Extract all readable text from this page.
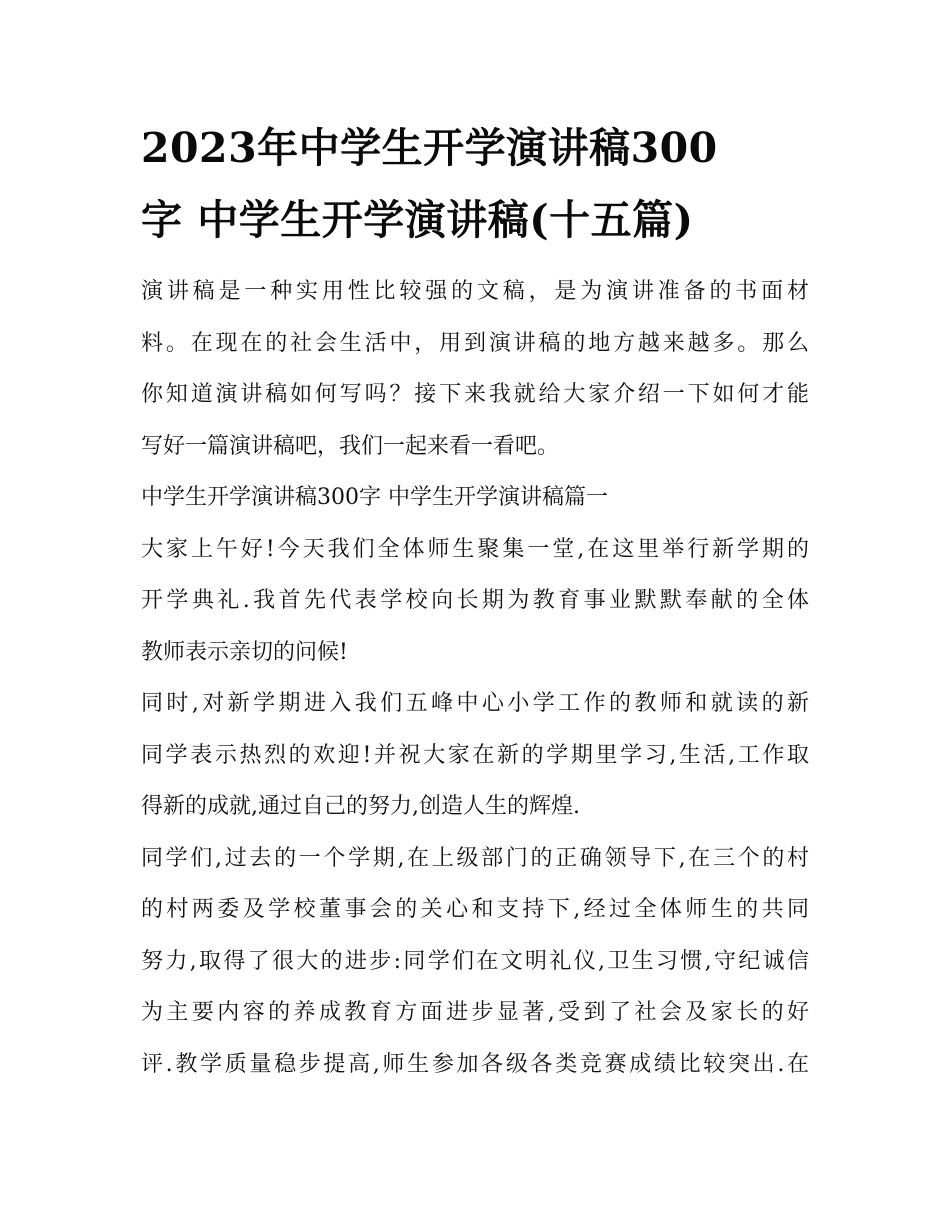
2023年中学生开学演讲稿300
字 中学生开学演讲稿(十五篇)
演讲稿是一种实用性比较强的文稿，是为演讲准备的书面材
料。在现在的社会生活中，用到演讲稿的地方越来越多。那么
你知道演讲稿如何写吗？接下来我就给大家介绍一下如何才能
写好一篇演讲稿吧，我们一起来看一看吧。
中学生开学演讲稿300字 中学生开学演讲稿篇一
大家上午好!今天我们全体师生聚集一堂,在这里举行新学期的
开学典礼.我首先代表学校向长期为教育事业默默奉献的全体
教师表示亲切的问候!
同时,对新学期进入我们五峰中心小学工作的教师和就读的新
同学表示热烈的欢迎!并祝大家在新的学期里学习,生活,工作取
得新的成就,通过自己的努力,创造人生的辉煌.
同学们,过去的一个学期,在上级部门的正确领导下,在三个的村
的村两委及学校董事会的关心和支持下,经过全体师生的共同
努力,取得了很大的进步:同学们在文明礼仪,卫生习惯,守纪诚信
为主要内容的养成教育方面进步显著,受到了社会及家长的好
评.教学质量稳步提高,师生参加各级各类竞赛成绩比较突出.在
